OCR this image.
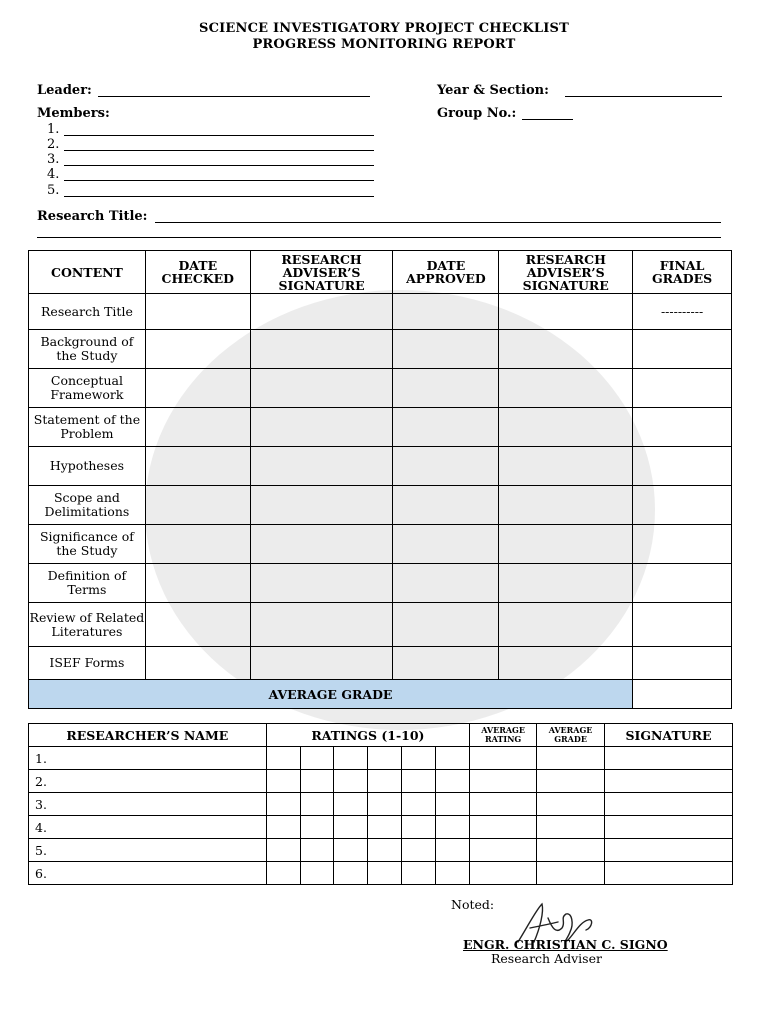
SCIENCE INVESTIGATORY PROJECT CHECKLIST
PROGRESS MONITORING REPORT
Leader:	Year & Section:
Members:	Group No.:
1.
2.
3.
4.
5.
Research Title:
CONTENT	DATE CHECKED	RESEARCH ADVISER’S SIGNATURE	DATE APPROVED	RESEARCH ADVISER’S SIGNATURE	FINAL GRADES
Research Title					----------
Background of the Study					
Conceptual Framework					
Statement of the Problem					
Hypotheses					
Scope and Delimitations					
Significance of the Study					
Definition of Terms					
Review of Related Literatures					
ISEF Forms					
AVERAGE GRADE					
RESEARCHER’S NAME	RATINGS (1-10)						AVERAGE RATING	AVERAGE GRADE	SIGNATURE
1.									
2.									
3.									
4.									
5.									
6.									
Noted:
ENGR. CHRISTIAN C. SIGNO
Research Adviser
